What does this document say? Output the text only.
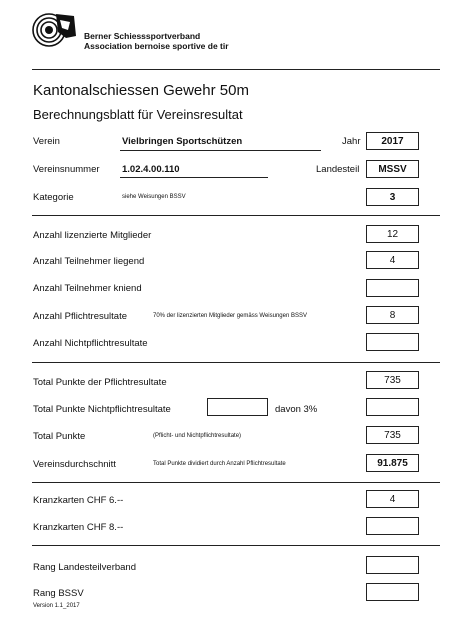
Berner Schiesssportverband
Association bernoise sportive de tir
Kantonalschiessen Gewehr 50m
Berechnungsblatt für Vereinsresultat
Verein	Vielbringen Sportschützen	Jahr	2017
Vereinsnummer 1.02.4.00.110	Landesteil	MSSV
Kategorie	siehe Weisungen BSSV	3
Anzahl lizenzierte Mitglieder	12
Anzahl Teilnehmer liegend	4
Anzahl Teilnehmer kniend
Anzahl Pflichtresultate	70% der lizenzierten Mitglieder gemäss Weisungen BSSV	8
Anzahl Nichtpflichtresultate
Total Punkte der Pflichtresultate	735
Total Punkte Nichtpflichtresultate	davon 3%
Total Punkte	(Pflicht- und Nichtpflichtresultate)	735
Vereinsdurchschnitt	Total Punkte dividiert durch Anzahl Pflichtresultate	91.875
Kranzkarten CHF 6.--	4
Kranzkarten CHF 8.--
Rang Landesteilverband
Rang BSSV
Version 1.1_2017
